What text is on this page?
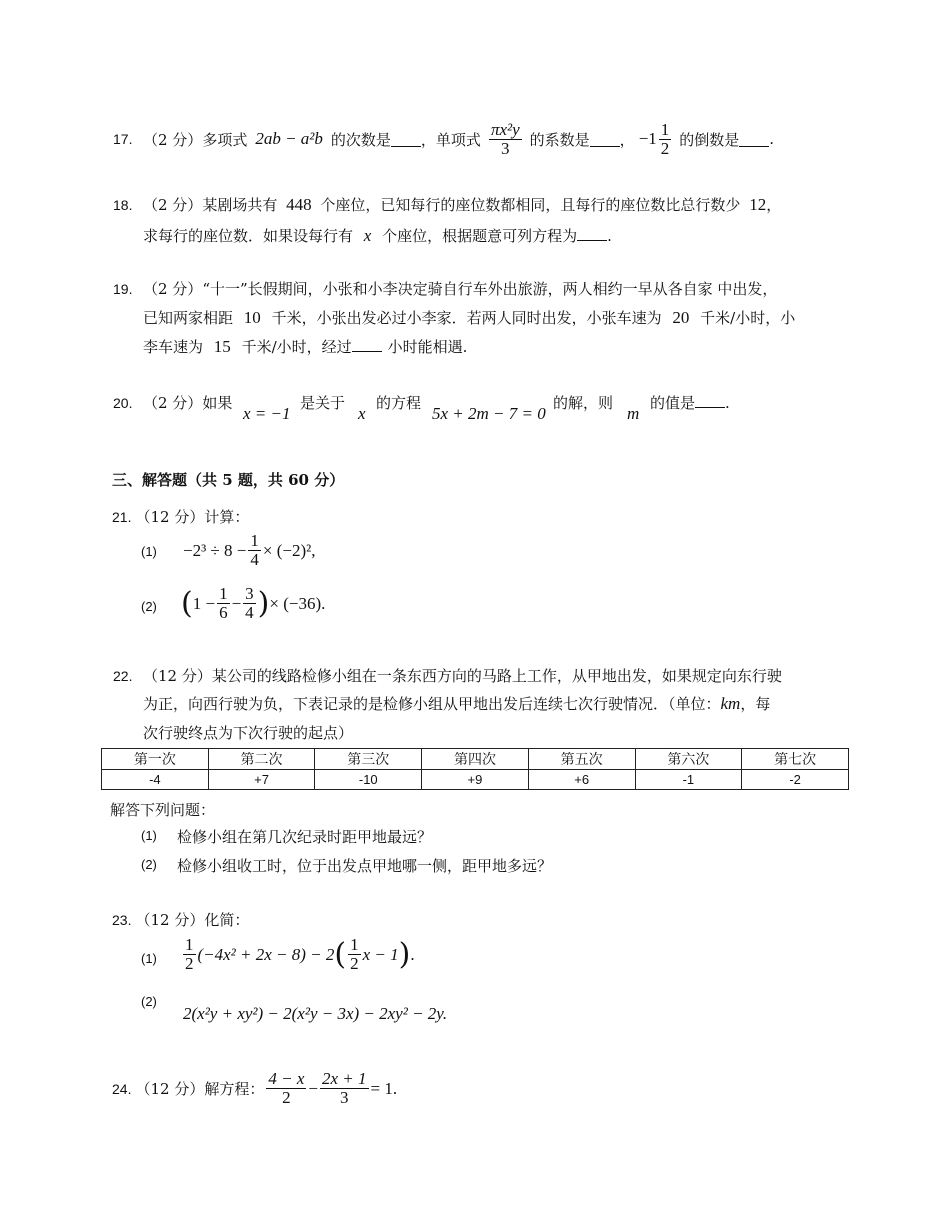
17. （2 分） 多项式 2ab − a²b 的次数是 ，单项式 $\frac{\text{πx²y}}{3}$ 的系数是 ， $-1 \frac{1}{2}$ 的倒数是 .
18. （2 分）某剧场共有 448 个座位，已知每行的座位数都相同，且每行的座位数比总行数少 12，
求每行的座位数．如果设每行有 x 个座位，根据题意可列方程为 .
19. （2 分）“十一”长假期间，小张和小李决定骑自行车外出旅游，两人相约一早从各自家 中出发，
已知两家相距 10 千米，小张出发必过小李家．若两人同时出发，小张车速为 20 千米/小时，小
李车速为 15 千米/小时，经过 小时能相遇.
20. （2 分）如果
x = −1
是关于
x
的方程
5x + 2m − 7 = 0
的解，则
m
的值是 .
三、解答题（共 5 题，共 60 分）
21. （12 分）计算：
$(1) -2^3 \div 8 - \frac{1}{4} \times (-2)^2$,
(2) ( $1 - \frac{1}{6} - \frac{3}{4}$ ) × (−36).
22. （12 分）某公司的线路检修小组在一条东西方向的马路上工作，从甲地出发，如果规定向东行驶
为正，向西行驶为负，下表记录的是检修小组从甲地出发后连续七次行驶情况．（单位：km，每
次行驶终点为下次行驶的起点）
第一次	第二次	第三次	第四次	第五次	第六次	第七次
-4	+7	-10	+9	+6	-1	-2
解答下列问题：
(1) 检修小组在第几次纪录时距甲地最远？
(2) 检修小组收工时，位于出发点甲地哪一侧，距甲地多远？
23. （12 分）化简：
$(1) \frac{1}{2} (-4x^2 + 2x - 8) - 2$ ( $\frac{1}{2}$ x − 1 ) .
(2)
2(x²y + xy²) − 2(x²y − 3x) − 2xy² − 2y.
24. （12 分） 解方程： $\frac{4 - x}{2} - \frac{2x + 1}{3} = 1$.
